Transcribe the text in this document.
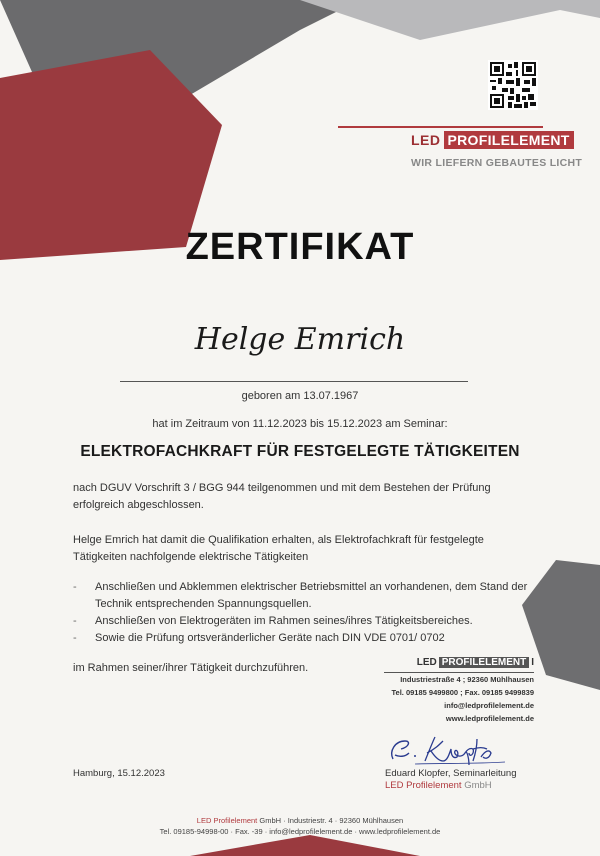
LED PROFILELEMENT
WIR LIEFERN GEBAUTES LICHT
ZERTIFIKAT
Helge Emrich
geboren am 13.07.1967
hat im Zeitraum von 11.12.2023 bis 15.12.2023 am Seminar:
ELEKTROFACHKRAFT FÜR FESTGELEGTE TÄTIGKEITEN
nach DGUV Vorschrift 3 / BGG 944 teilgenommen und mit dem Bestehen der Prüfung erfolgreich abgeschlossen.
Helge Emrich hat damit die Qualifikation erhalten, als Elektrofachkraft für festgelegte Tätigkeiten nachfolgende elektrische Tätigkeiten
- Anschließen und Abklemmen elektrischer Betriebsmittel an vorhandenen, dem Stand der Technik entsprechenden Spannungsquellen.
- Anschließen von Elektrogeräten im Rahmen seines/ihres Tätigkeitsbereiches.
- Sowie die Prüfung ortsveränderlicher Geräte nach DIN VDE 0701/ 0702
im Rahmen seiner/ihrer Tätigkeit durchzuführen.	LED PROFILELEMENT I
Industriestraße 4 ; 92360 Mühlhausen
Tel. 09185 9499800 ; Fax. 09185 9499839
info@ledprofilelement.de
www.ledprofilelement.de
Hamburg, 15.12.2023	Eduard Klopfer, Seminarleitung
LED Profilelement GmbH
LED Profilelement GmbH · Industriestr. 4 · 92360 Mühlhausen
Tel. 09185-94998-00 · Fax. -39 · info@ledprofilelement.de · www.ledprofilelement.de
